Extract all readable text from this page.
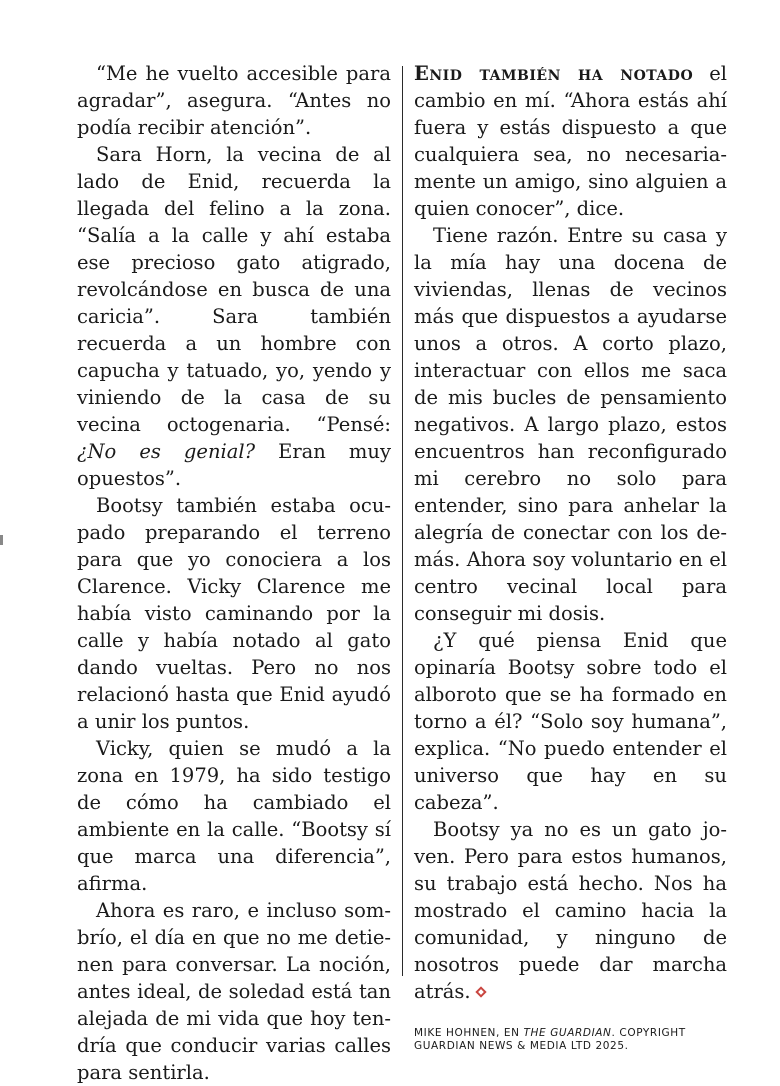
“Me he vuelto accesible para agradar”, asegura. “Antes no podía recibir atención”.

Sara Horn, la vecina de al lado de Enid, recuerda la llegada del felino a la zona. “Salía a la calle y ahí estaba ese precioso gato atigrado, revolcándose en busca de una caricia”. Sara también recuerda a un hombre con capucha y tatuado, yo, yendo y viniendo de la casa de su vecina octogenaria. “Pensé: ¿No es genial? Eran muy opuestos”.

Bootsy también estaba ocupado preparando el terreno para que yo conociera a los Clarence. Vicky Clarence me había visto caminando por la calle y había notado al gato dando vueltas. Pero no nos relacionó hasta que Enid ayudó a unir los puntos.

Vicky, quien se mudó a la zona en 1979, ha sido testigo de cómo ha cambiado el ambiente en la calle. “Bootsy sí que marca una diferencia”, afirma.

Ahora es raro, e incluso sombrío, el día en que no me detienen para conversar. La noción, antes ideal, de soledad está tan alejada de mi vida que hoy tendría que conducir varias calles para sentirla.

Enid también ha notado el cambio en mí. “Ahora estás ahí fuera y estás dispuesto a que cualquiera sea, no necesariamente un amigo, sino alguien a quien conocer”, dice.

Tiene razón. Entre su casa y la mía hay una docena de viviendas, llenas de vecinos más que dispuestos a ayudarse unos a otros. A corto plazo, interactuar con ellos me saca de mis bucles de pensamiento negativos. A largo plazo, estos encuentros han reconfigurado mi cerebro no solo para entender, sino para anhelar la alegría de conectar con los demás. Ahora soy voluntario en el centro vecinal local para conseguir mi dosis.

¿Y qué piensa Enid que opinaría Bootsy sobre todo el alboroto que se ha formado en torno a él? “Solo soy humana”, explica. “No puedo entender el universo que hay en su cabeza”.

Bootsy ya no es un gato joven. Pero para estos humanos, su trabajo está hecho. Nos ha mostrado el camino hacia la comunidad, y ninguno de nosotros puede dar marcha atrás.

MIKE HOHNEN, EN THE GUARDIAN. COPYRIGHT GUARDIAN NEWS & MEDIA LTD 2025.
